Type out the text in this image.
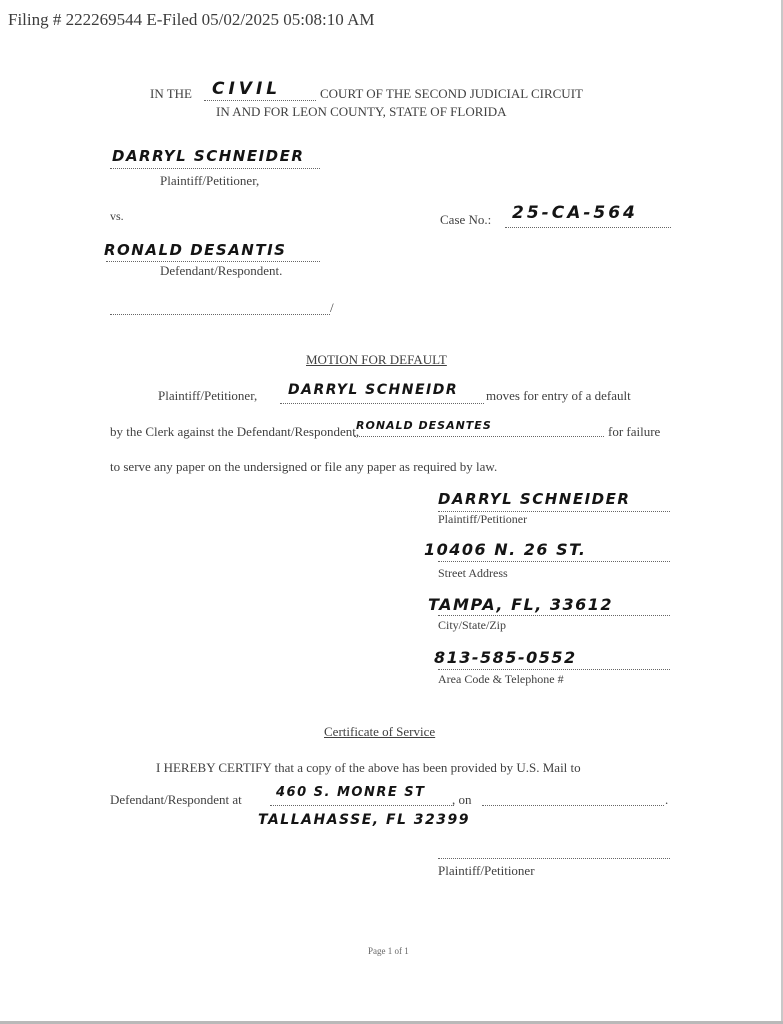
Filing # 222269544 E-Filed 05/02/2025 05:08:10 AM
IN THE CIVIL	COURT OF THE SECOND JUDICIAL CIRCUIT
IN AND FOR LEON COUNTY, STATE OF FLORIDA
DARRYL SCHNEIDER
Plaintiff/Petitioner,
vs.	Case No.: 25-CA-564
RONALD DESANTIS
Defendant/Respondent.
/
MOTION FOR DEFAULT
Plaintiff/Petitioner, DARRYL SCHNEIDR moves for entry of a default
by the Clerk against the Defendant/Respondent,
RONALD DESANTES	for failure
to serve any paper on the undersigned or file any paper as required by law.
DARRYL SCHNEIDER
Plaintiff/Petitioner
10406 N. 26 ST.
Street Address
TAMPA, FL, 33612
City/State/Zip
813-585-0552
Area Code & Telephone #
Certificate of Service
I HEREBY CERTIFY that a copy of the above has been provided by U.S. Mail to
Defendant/Respondent at	460 S. MONRE ST , on	.
TALLAHASSE, FL 32399
Plaintiff/Petitioner
Page 1 of 1
